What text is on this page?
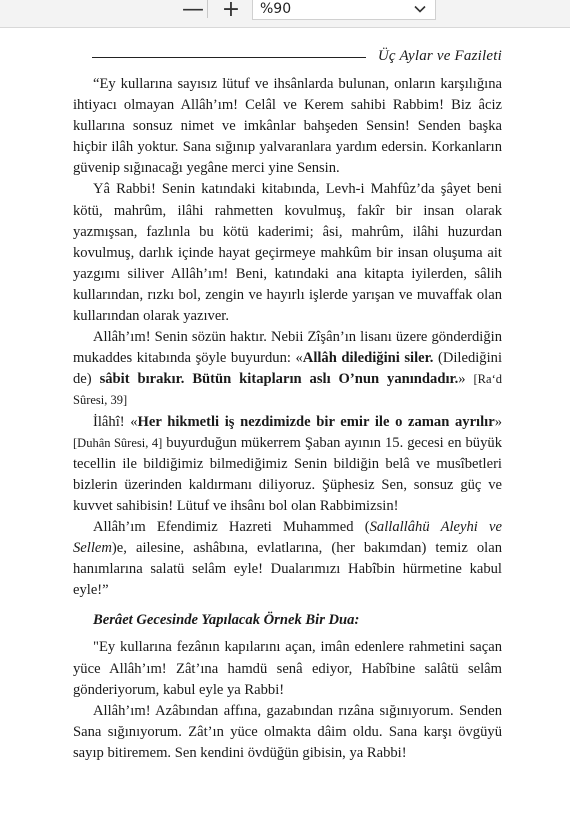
— + %90
Üç Aylar ve Fazileti

“Ey kullarına sayısız lütuf ve ihsânlarda bulunan, onların karşılığına ihtiyacı olmayan Allâh’ım! Celâl ve Kerem sahibi Rabbim! Biz âciz kullarına sonsuz nimet ve imkânlar bahşeden Sensin! Senden başka hiçbir ilâh yoktur. Sana sığınıp yalvaranlara yardım edersin. Korkanların güvenip sığınacağı yegâne merci yine Sensin.

Yâ Rabbi! Senin katındaki kitabında, Levh-i Mahfûz’da şâyet beni kötü, mahrûm, ilâhi rahmetten kovulmuş, fakîr bir insan olarak yazmışsan, fazlınla bu kötü kaderimi; âsi, mahrûm, ilâhi huzurdan kovulmuş, darlık içinde hayat geçirmeye mahkûm bir insan oluşuma ait yazgımı siliver Allâh’ım! Beni, katındaki ana kitapta iyilerden, sâlih kullarından, rızkı bol, zengin ve hayırlı işlerde yarışan ve muvaffak olan kullarından olarak yazıver.

Allâh’ım! Senin sözün haktır. Nebii Zîşân’ın lisanı üzere gönderdiğin mukaddes kitabında şöyle buyurdun: «Allâh dilediğini siler. (Dilediğini de) sâbit bırakır. Bütün kitapların aslı O’nun yanındadır.» [Ra‘d Sûresi, 39]

İlâhî! «Her hikmetli iş nezdimizde bir emir ile o zaman ayrılır» [Duhân Sûresi, 4] buyurduğun mükerrem Şaban ayının 15. gecesi en büyük tecellin ile bildiğimiz bilmediğimiz Senin bildiğin belâ ve musîbetleri bizlerin üzerinden kaldırmanı diliyoruz. Şüphesiz Sen, sonsuz güç ve kuvvet sahibisin! Lütuf ve ihsânı bol olan Rabbimizsin!

Allâh’ım Efendimiz Hazreti Muhammed (Sallallâhü Aleyhi ve Sellem)e, ailesine, ashâbına, evlatlarına, (her bakımdan) temiz olan hanımlarına salatü selâm eyle! Dualarımızı Habîbin hürmetine kabul eyle!”

Berâet Gecesinde Yapılacak Örnek Bir Dua:

"Ey kullarına fezânın kapılarını açan, imân edenlere rahmetini saçan yüce Allâh’ım! Zât’ına hamdü senâ ediyor, Habîbine salâtü selâm gönderiyorum, kabul eyle ya Rabbi!

Allâh’ım! Azâbından affına, gazabından rızâna sığınıyorum. Senden Sana sığınıyorum. Zât’ın yüce olmakta dâim oldu. Sana karşı övgüyü sayıp bitiremem. Sen kendini övdüğün gibisin, ya Rabbi!
